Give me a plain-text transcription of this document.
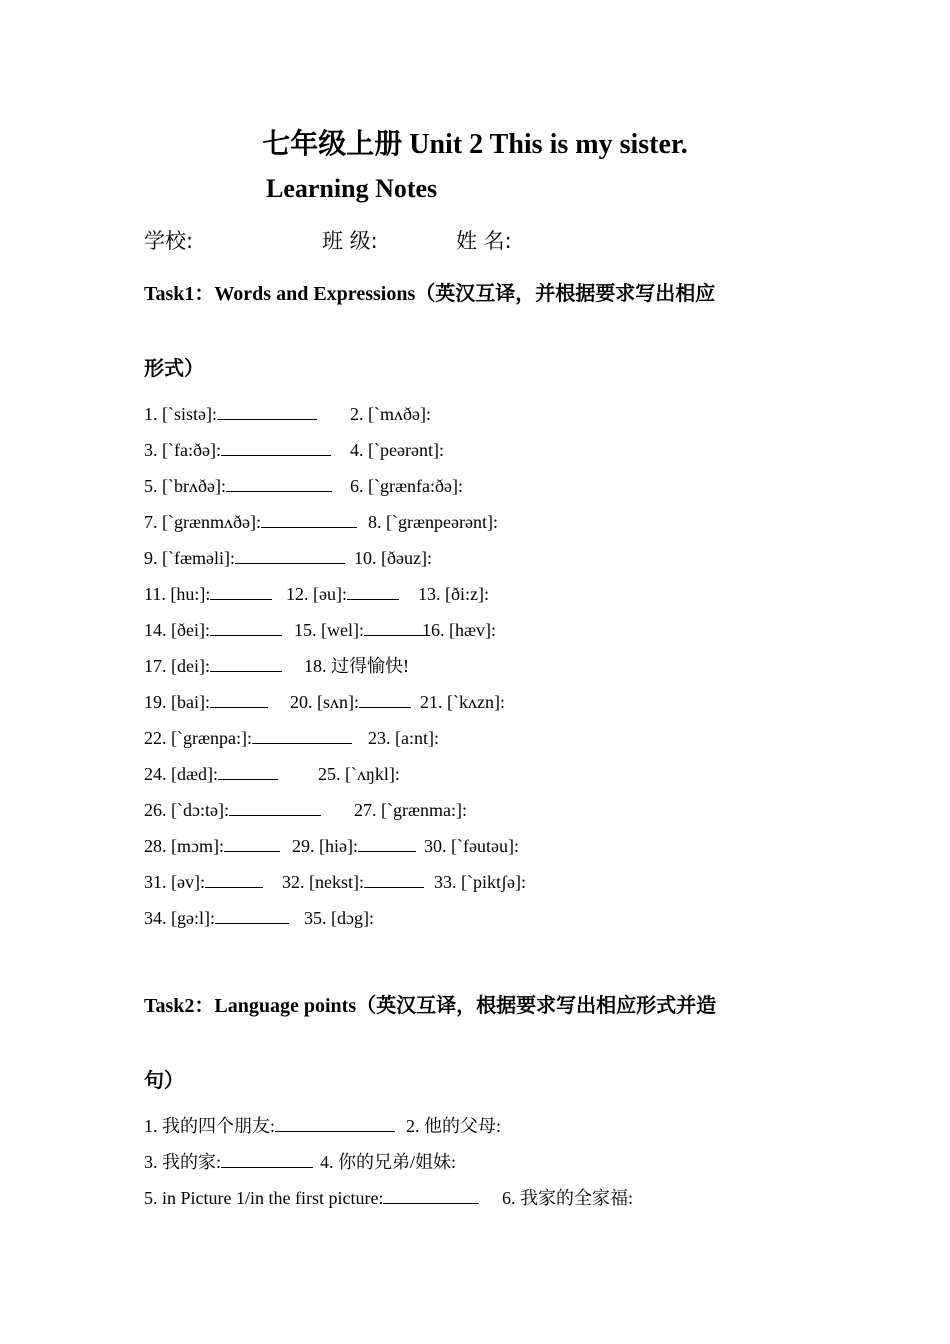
七年级上册 Unit 2 This is my sister.
Learning Notes
学校:	班 级:	姓 名:
Task1：Words and Expressions（英汉互译，并根据要求写出相应
形式）
1. [`sistə]:	2. [`mʌðə]:
3. [`fa:ðə]:	4. [`peərənt]:
5. [`brʌðə]:	6. [`grænfa:ðə]:
7. [`grænmʌðə]:	8. [`grænpeərənt]:
9. [`fæməli]:	10. [ðəuz]:
11. [hu:]:	12. [əu]:	13. [ði:z]:
14. [ðei]:	15. [wel]:	16. [hæv]:
17. [dei]:	18. 过得愉快!
19. [bai]:	20. [sʌn]:	21. [`kʌzn]:
22. [`grænpa:]:	23. [a:nt]:
24. [dæd]:	25. [`ʌŋkl]:
26. [`dɔ:tə]:	27. [`grænma:]:
28. [mɔm]:	29. [hiə]:	30. [`fəutəu]:
31. [əv]:	32. [nekst]:	33. [`piktʃə]:
34. [gə:l]:	35. [dɔg]:
Task2：Language points（英汉互译，根据要求写出相应形式并造
句）
1. 我的四个朋友:	2. 他的父母:
3. 我的家:	4. 你的兄弟/姐妹:
5. in Picture 1/in the first picture:	6. 我家的全家福:
